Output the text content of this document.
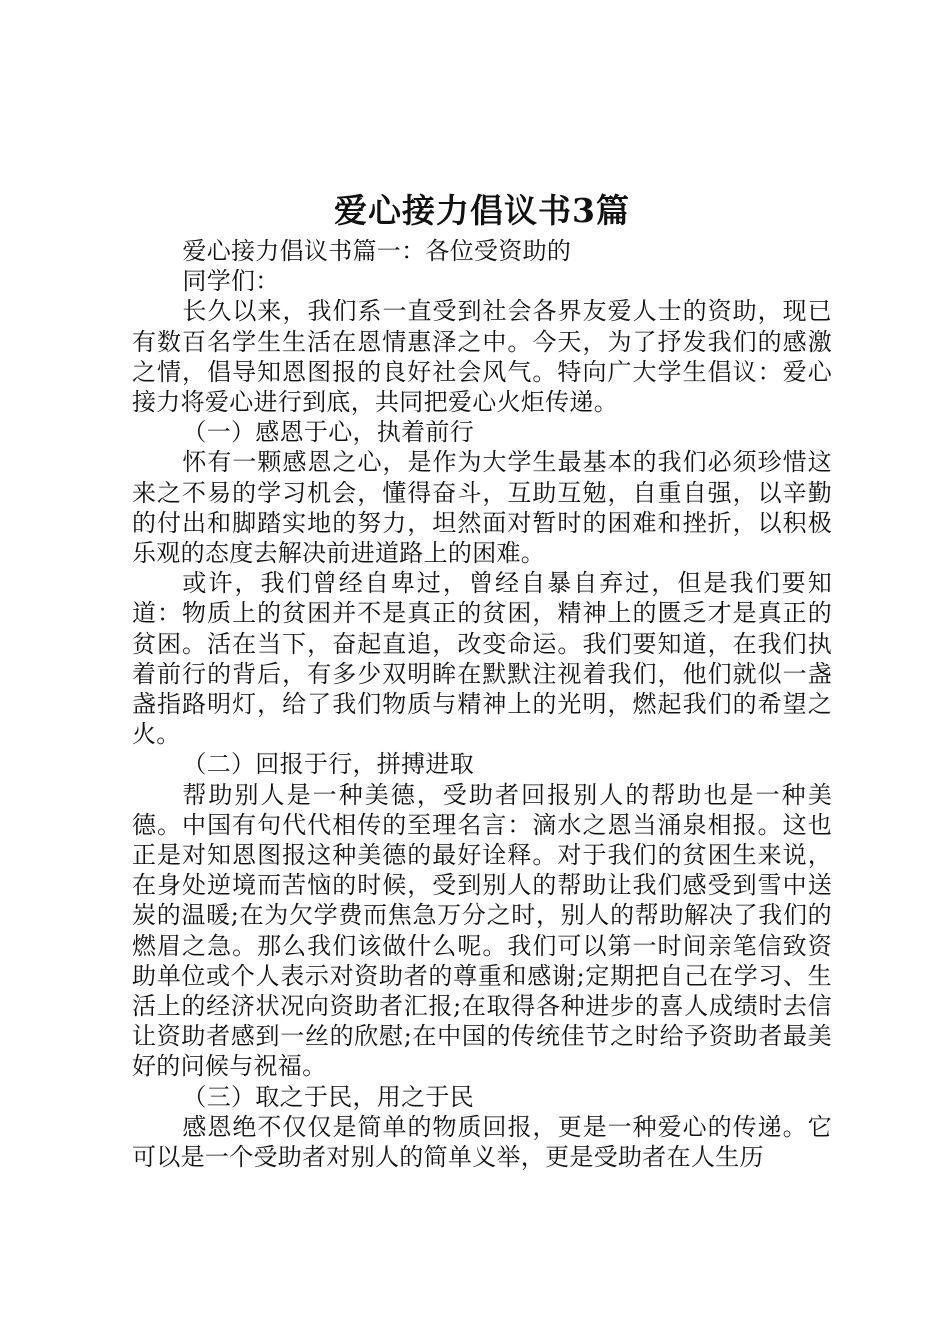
爱心接力倡议书3篇

爱心接力倡议书篇一：各位受资助的

同学们：

长久以来，我们系一直受到社会各界友爱人士的资助，现已有数百名学生生活在恩情惠泽之中。今天，为了抒发我们的感激之情，倡导知恩图报的良好社会风气。特向广大学生倡议：爱心接力将爱心进行到底，共同把爱心火炬传递。

（一）感恩于心，执着前行

怀有一颗感恩之心，是作为大学生最基本的我们必须珍惜这来之不易的学习机会，懂得奋斗，互助互勉，自重自强，以辛勤的付出和脚踏实地的努力，坦然面对暂时的困难和挫折，以积极乐观的态度去解决前进道路上的困难。

或许，我们曾经自卑过，曾经自暴自弃过，但是我们要知道：物质上的贫困并不是真正的贫困，精神上的匮乏才是真正的贫困。活在当下，奋起直追，改变命运。我们要知道，在我们执着前行的背后，有多少双明眸在默默注视着我们，他们就似一盏盏指路明灯，给了我们物质与精神上的光明，燃起我们的希望之火。

（二）回报于行，拼搏进取

帮助别人是一种美德，受助者回报别人的帮助也是一种美德。中国有句代代相传的至理名言：滴水之恩当涌泉相报。这也正是对知恩图报这种美德的最好诠释。对于我们的贫困生来说，在身处逆境而苦恼的时候，受到别人的帮助让我们感受到雪中送炭的温暖;在为欠学费而焦急万分之时，别人的帮助解决了我们的燃眉之急。那么我们该做什么呢。我们可以第一时间亲笔信致资助单位或个人表示对资助者的尊重和感谢;定期把自己在学习、生活上的经济状况向资助者汇报;在取得各种进步的喜人成绩时去信让资助者感到一丝的欣慰;在中国的传统佳节之时给予资助者最美好的问候与祝福。

（三）取之于民，用之于民

感恩绝不仅仅是简单的物质回报，更是一种爱心的传递。它可以是一个受助者对别人的简单义举，更是受助者在人生历
